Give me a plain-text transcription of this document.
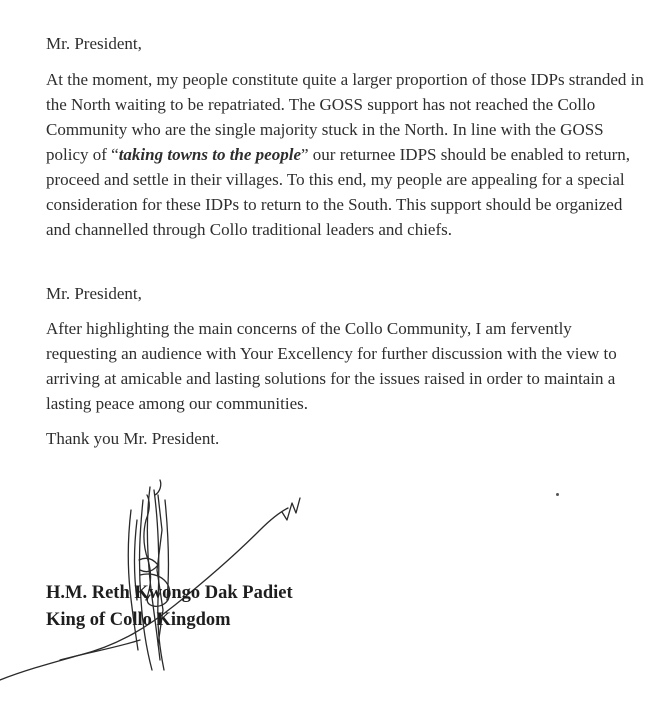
Mr. President,

At the moment, my people constitute quite a larger proportion of those IDPs stranded in the North waiting to be repatriated. The GOSS support has not reached the Collo Community who are the single majority stuck in the North. In line with the GOSS policy of “taking towns to the people” our returnee IDPS should be enabled to return, proceed and settle in their villages. To this end, my people are appealing for a special consideration for these IDPs to return to the South. This support should be organized and channelled through Collo traditional leaders and chiefs.

Mr. President,

After highlighting the main concerns of the Collo Community, I am fervently requesting an audience with Your Excellency for further discussion with the view to arriving at amicable and lasting solutions for the issues raised in order to maintain a lasting peace among our communities.

Thank you Mr. President.

H.M. Reth Kwongo Dak Padiet

King of Collo Kingdom
